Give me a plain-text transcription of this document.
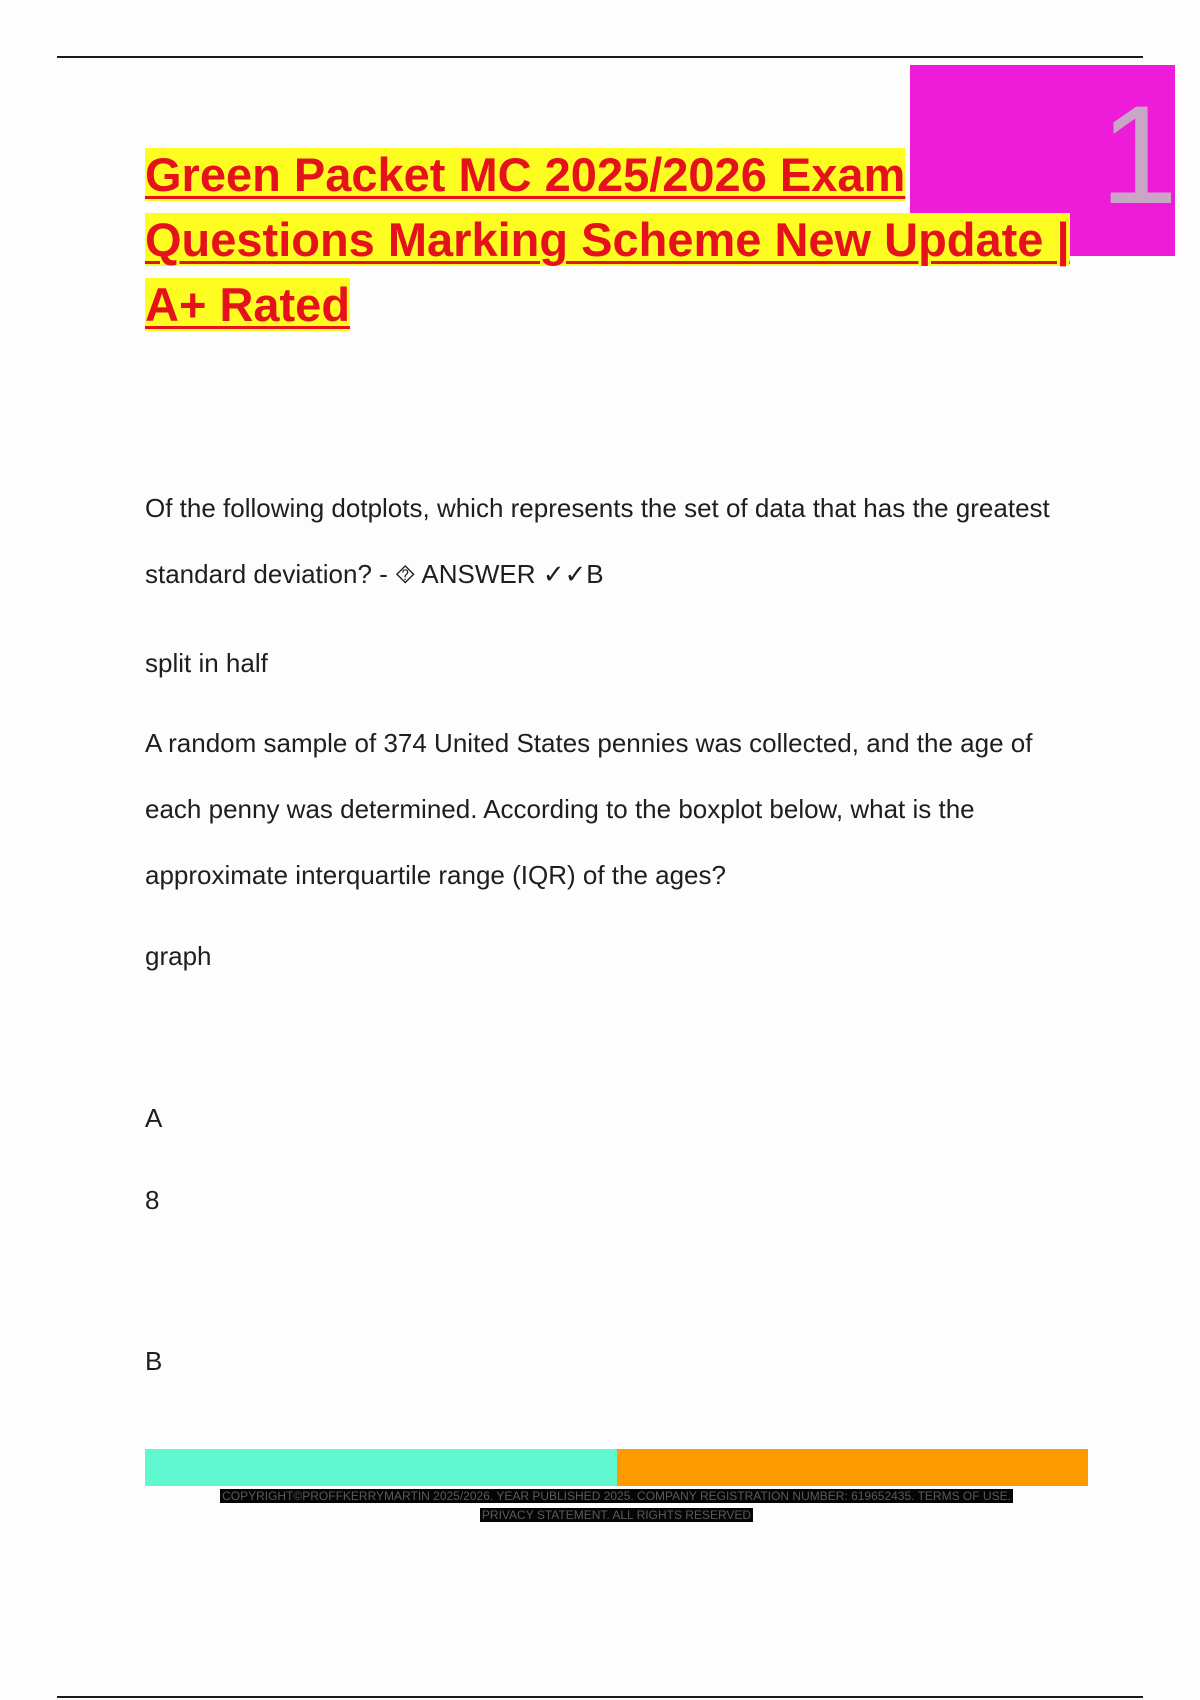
1
Green Packet MC 2025/2026 Exam Questions Marking Scheme New Update | A+ Rated

Of the following dotplots, which represents the set of data that has the greatest standard deviation? - ⯑ ANSWER ✓✓B

split in half

A random sample of 374 United States pennies was collected, and the age of each penny was determined. According to the boxplot below, what is the approximate interquartile range (IQR) of the ages?

graph

A

8

B

COPYRIGHT©PROFFKERRYMARTIN 2025/2026. YEAR PUBLISHED 2025. COMPANY REGISTRATION NUMBER: 619652435. TERMS OF USE.
PRIVACY STATEMENT. ALL RIGHTS RESERVED
